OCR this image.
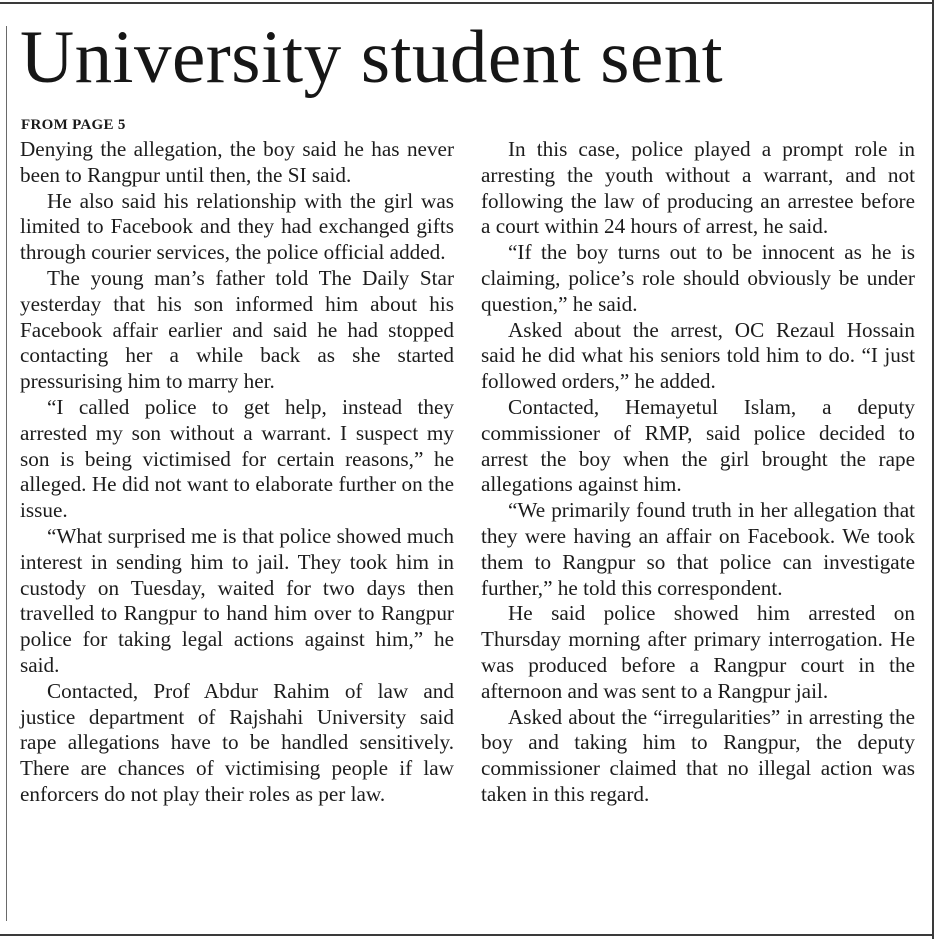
University student sent
FROM PAGE 5

Denying the allegation, the boy said he has never been to Rangpur until then, the SI said.

He also said his relationship with the girl was limited to Facebook and they had exchanged gifts through courier services, the police official added.

The young man’s father told The Daily Star yesterday that his son informed him about his Facebook affair earlier and said he had stopped contacting her a while back as she started pressurising him to marry her.

“I called police to get help, instead they arrested my son without a warrant. I suspect my son is being victimised for certain reasons,” he alleged. He did not want to elaborate further on the issue.

“What surprised me is that police showed much interest in sending him to jail. They took him in custody on Tuesday, waited for two days then travelled to Rangpur to hand him over to Rangpur police for taking legal actions against him,” he said.

Contacted, Prof Abdur Rahim of law and justice department of Rajshahi University said rape allegations have to be handled sensitively. There are chances of victimising people if law enforcers do not play their roles as per law.

In this case, police played a prompt role in arresting the youth without a warrant, and not following the law of producing an arrestee before a court within 24 hours of arrest, he said.

“If the boy turns out to be innocent as he is claiming, police’s role should obviously be under question,” he said.

Asked about the arrest, OC Rezaul Hossain said he did what his seniors told him to do. “I just followed orders,” he added.

Contacted, Hemayetul Islam, a deputy commissioner of RMP, said police decided to arrest the boy when the girl brought the rape allegations against him.

“We primarily found truth in her allegation that they were having an affair on Facebook. We took them to Rangpur so that police can investigate further,” he told this correspondent.

He said police showed him arrested on Thursday morning after primary interrogation. He was produced before a Rangpur court in the afternoon and was sent to a Rangpur jail.

Asked about the “irregularities” in arresting the boy and taking him to Rangpur, the deputy commissioner claimed that no illegal action was taken in this regard.
